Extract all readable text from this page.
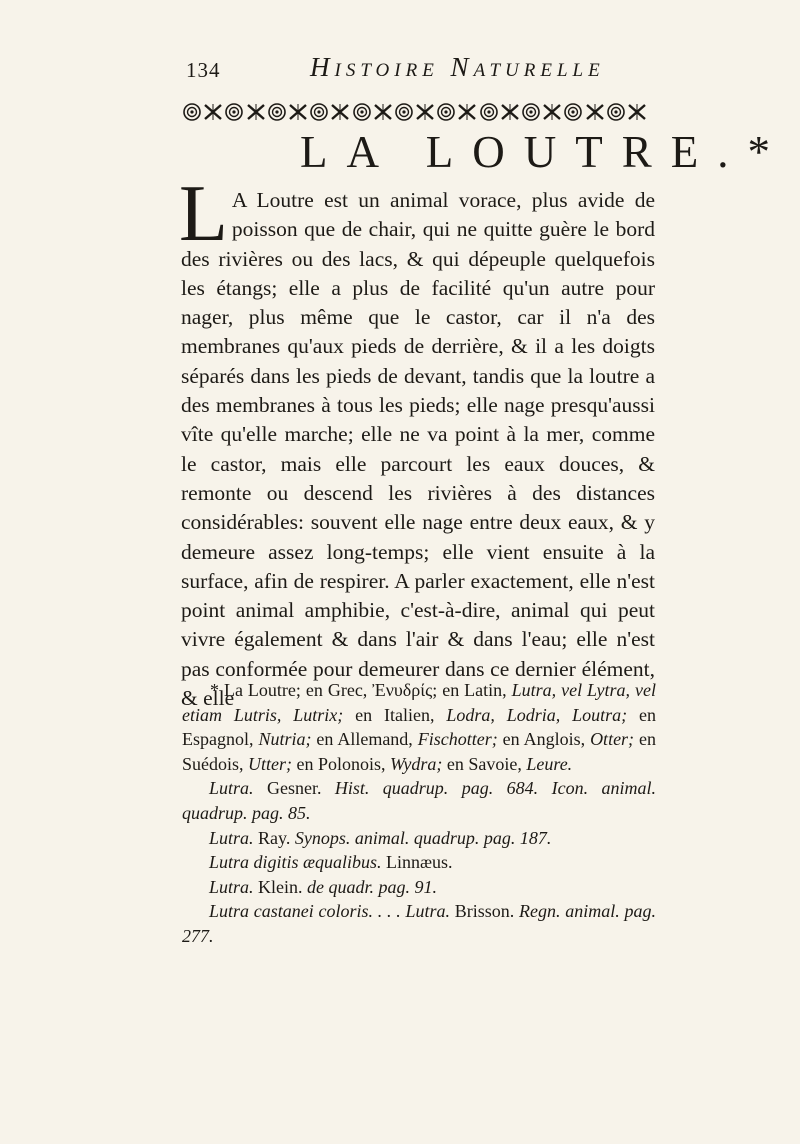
134	Histoire Naturelle
LA LOUTRE.*
L A Loutre est un animal vorace, plus avide de poisson que de chair, qui ne quitte guère le bord des rivières ou des lacs, & qui dépeuple quelquefois les étangs; elle a plus de facilité qu'un autre pour nager, plus même que le castor, car il n'a des membranes qu'aux pieds de derrière, & il a les doigts séparés dans les pieds de devant, tandis que la loutre a des membranes à tous les pieds; elle nage presqu'aussi vîte qu'elle marche; elle ne va point à la mer, comme le castor, mais elle parcourt les eaux douces, & remonte ou descend les rivières à des distances considérables: souvent elle nage entre deux eaux, & y demeure assez long-temps; elle vient ensuite à la surface, afin de respirer. A parler exactement, elle n'est point animal amphibie, c'est-à-dire, animal qui peut vivre également & dans l'air & dans l'eau; elle n'est pas conformée pour demeurer dans ce dernier élément, & elle

* La Loutre; en Grec, Ἐνυδρίς; en Latin, Lutra, vel Lytra, vel etiam Lutris, Lutrix; en Italien, Lodra, Lodria, Loutra; en Espagnol, Nutria; en Allemand, Fischotter; en Anglois, Otter; en Suédois, Utter; en Polonois, Wydra; en Savoie, Leure.

Lutra. Gesner. Hist. quadrup. pag. 684. Icon. animal. quadrup. pag. 85.

Lutra. Ray. Synops. animal. quadrup. pag. 187.

Lutra digitis æqualibus. Linnæus.

Lutra. Klein. de quadr. pag. 91.

Lutra castanei coloris. . . . Lutra. Brisson. Regn. animal. pag. 277.
